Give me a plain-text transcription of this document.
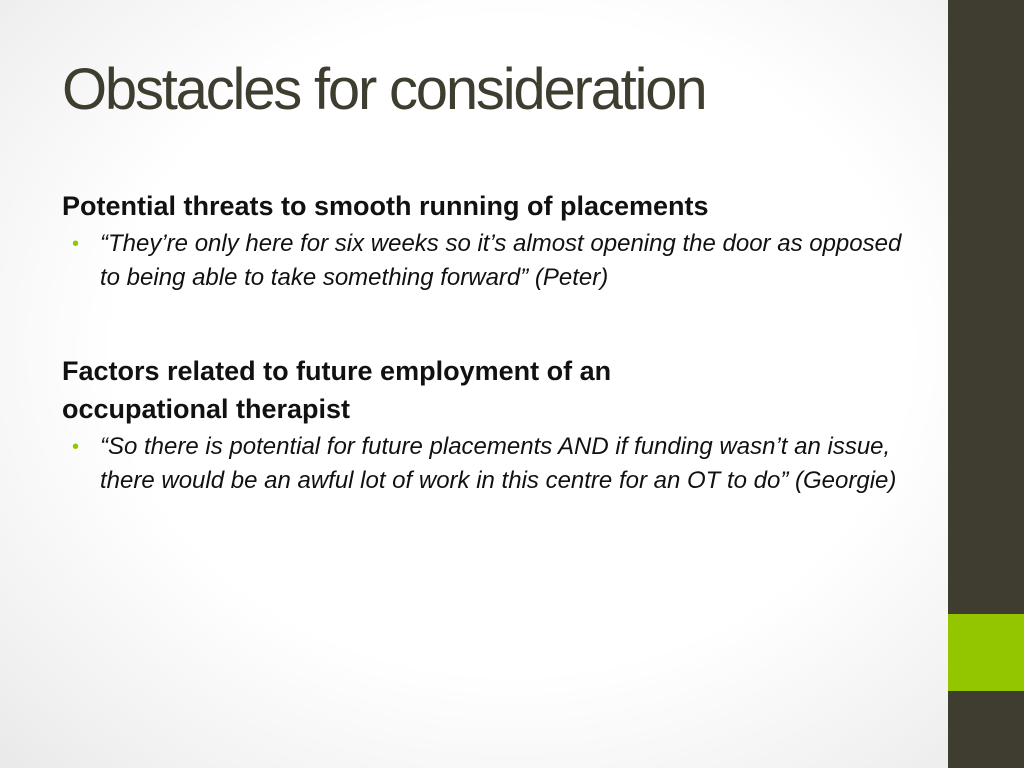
Obstacles for consideration

Potential threats to smooth running of placements

• “They’re only here for six weeks so it’s almost opening the door as opposed to being able to take something forward” (Peter)

Factors related to future employment of an occupational therapist

• “So there is potential for future placements AND if funding wasn’t an issue, there would be an awful lot of work in this centre for an OT to do” (Georgie)
